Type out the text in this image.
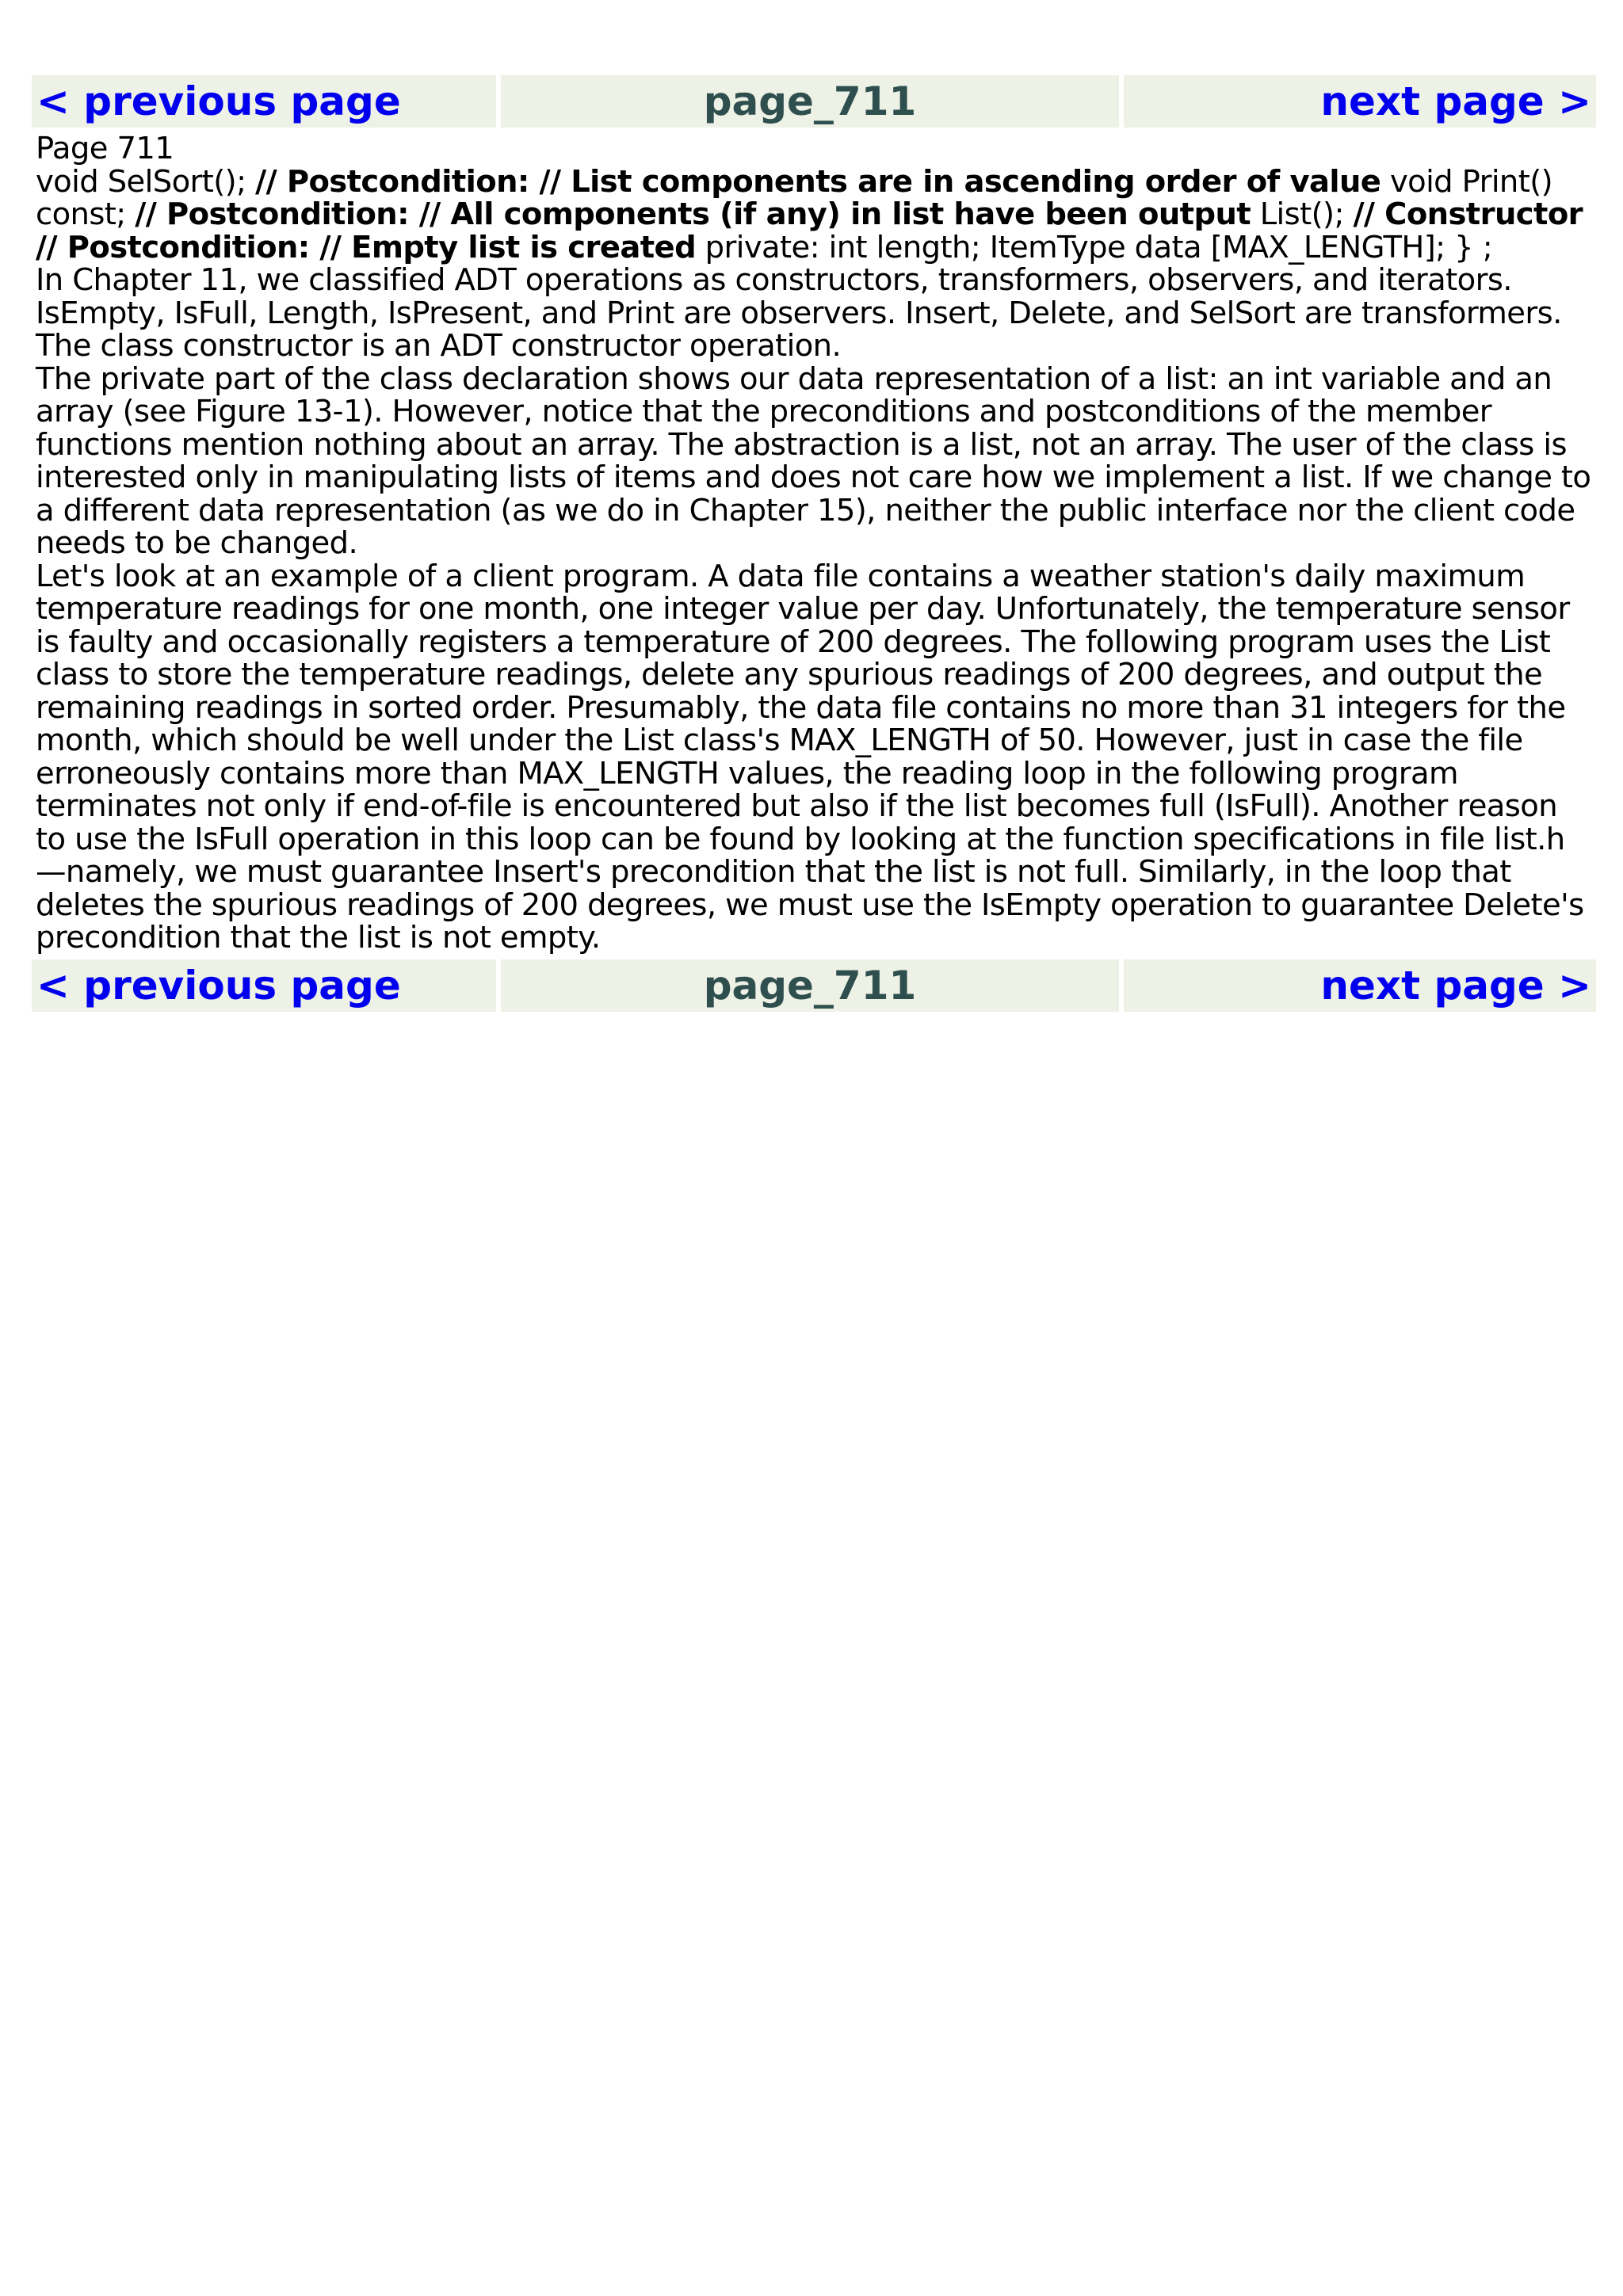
< previous page	page_711	next page >

Page 711

void SelSort(); // Postcondition: // List components are in ascending order of value void Print() const; // Postcondition: // All components (if any) in list have been output List(); // Constructor // Postcondition: // Empty list is created private: int length; ItemType data [MAX_LENGTH]; } ;

In Chapter 11, we classified ADT operations as constructors, transformers, observers, and iterators. IsEmpty, IsFull, Length, IsPresent, and Print are observers. Insert, Delete, and SelSort are transformers. The class constructor is an ADT constructor operation.

The private part of the class declaration shows our data representation of a list: an int variable and an array (see Figure 13-1). However, notice that the preconditions and postconditions of the member functions mention nothing about an array. The abstraction is a list, not an array. The user of the class is interested only in manipulating lists of items and does not care how we implement a list. If we change to a different data representation (as we do in Chapter 15), neither the public interface nor the client code needs to be changed.

Let's look at an example of a client program. A data file contains a weather station's daily maximum temperature readings for one month, one integer value per day. Unfortunately, the temperature sensor is faulty and occasionally registers a temperature of 200 degrees. The following program uses the List class to store the temperature readings, delete any spurious readings of 200 degrees, and output the remaining readings in sorted order. Presumably, the data file contains no more than 31 integers for the month, which should be well under the List class's MAX_LENGTH of 50. However, just in case the file erroneously contains more than MAX_LENGTH values, the reading loop in the following program terminates not only if end-of-file is encountered but also if the list becomes full (IsFull). Another reason to use the IsFull operation in this loop can be found by looking at the function specifications in file list.h—namely, we must guarantee Insert's precondition that the list is not full. Similarly, in the loop that deletes the spurious readings of 200 degrees, we must use the IsEmpty operation to guarantee Delete's precondition that the list is not empty.

< previous page	page_711	next page >
